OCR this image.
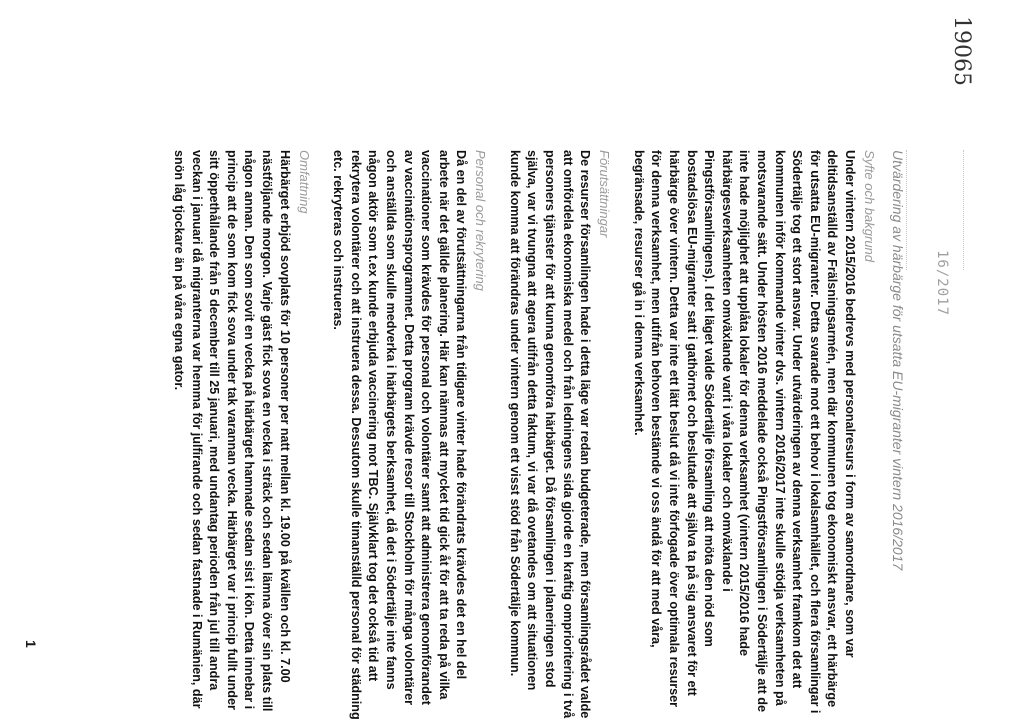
19065
16/2017
Utvärdering av härbärge för utsatta EU-migranter vintern 2016/2017

Syfte och bakgrund

Under vintern 2015/2016 bedrevs med personalresurs i form av samordnare, som var deltidsanställd av Frälsningsarmén, men där kommunen tog ekonomiskt ansvar, ett härbärge för utsatta EU-migranter. Detta svarade mot ett behov i lokalsamhället, och flera församlingar i Södertälje tog ett stort ansvar. Under utvärderingen av denna verksamhet framkom det att kommunen inför kommande vinter dvs. vintern 2016/2017 inte skulle stödja verksamheten på motsvarande sätt. Under hösten 2016 meddelade också Pingstförsamlingen i Södertälje att de inte hade möjlighet att upplåta lokaler för denna verksamhet (vintern 2015/2016 hade härbärgesverksamheten omväxlande varit i våra lokaler och omväxlande i Pingstförsamlingens). I det läget valde Södertälje församling att möta den nöd som bostadslösa EU-migranter satt i gathörnet och beslutade att själva ta på sig ansvaret för ett härbärge över vintern. Detta var inte ett lätt beslut då vi inte förfogade över optimala resurser för denna verksamhet, men utifrån behoven bestämde vi oss ändå för att med våra, begränsade, resurser gå in i denna verksamhet.

Förutsättningar

De resurser församlingen hade i detta läge var redan budgeterade, men församlingsrådet valde att omfördela ekonomiska medel och från ledningens sida gjorde en kraftig omprioritering i två personers tjänster för att kunna genomföra härbärget. Då församlingen i planeringen stod själva, var vi tvungna att agera utifrån detta faktum, vi var då ovetandes om att situationen kunde komma att förändras under vintern genom ett visst stöd från Södertälje kommun.

Personal och rekrytering

Då en del av förutsättningarna från tidigare vinter hade förändrats krävdes det en hel del arbete när det gällde planering. Här kan nämnas att mycket tid gick åt för att ta reda på vilka vaccinationer som krävdes för personal och volontärer samt att administrera genomförandet av vaccinationsprogrammet. Detta program krävde resor till Stockholm för många volontärer och anställda som skulle medverka i härbärgets berksamhet, då det i Södertälje inte fanns någon aktör som t.ex kunde erbjuda vaccinering mot TBC. Självklart tog det också tid att rekrytera volontärer och att instruera dessa. Dessutom skulle timanställd personal för städning etc. rekryteras och instrueras.

Omfattning

Härbärget erbjöd sovplats för 10 personer per natt mellan kl. 19.00 på kvällen och kl. 7.00 nästföljande morgon. Varje gäst fick sova en vecka i sträck och sedan lämna över sin plats till någon annan. Den som sovit en vecka på härbärget hamnade sedan sist i kön. Detta innebar i princip att de som kom fick sova under tak varannan vecka. Härbärget var i princip fullt under sitt öppethållande från 5 december till 25 januari, med undantag perioden från jul till andra veckan i januari då migranterna var hemma för julfirande och sedan fastnade i Rumänien, där snön låg tjockare än på våra egna gator.

1
